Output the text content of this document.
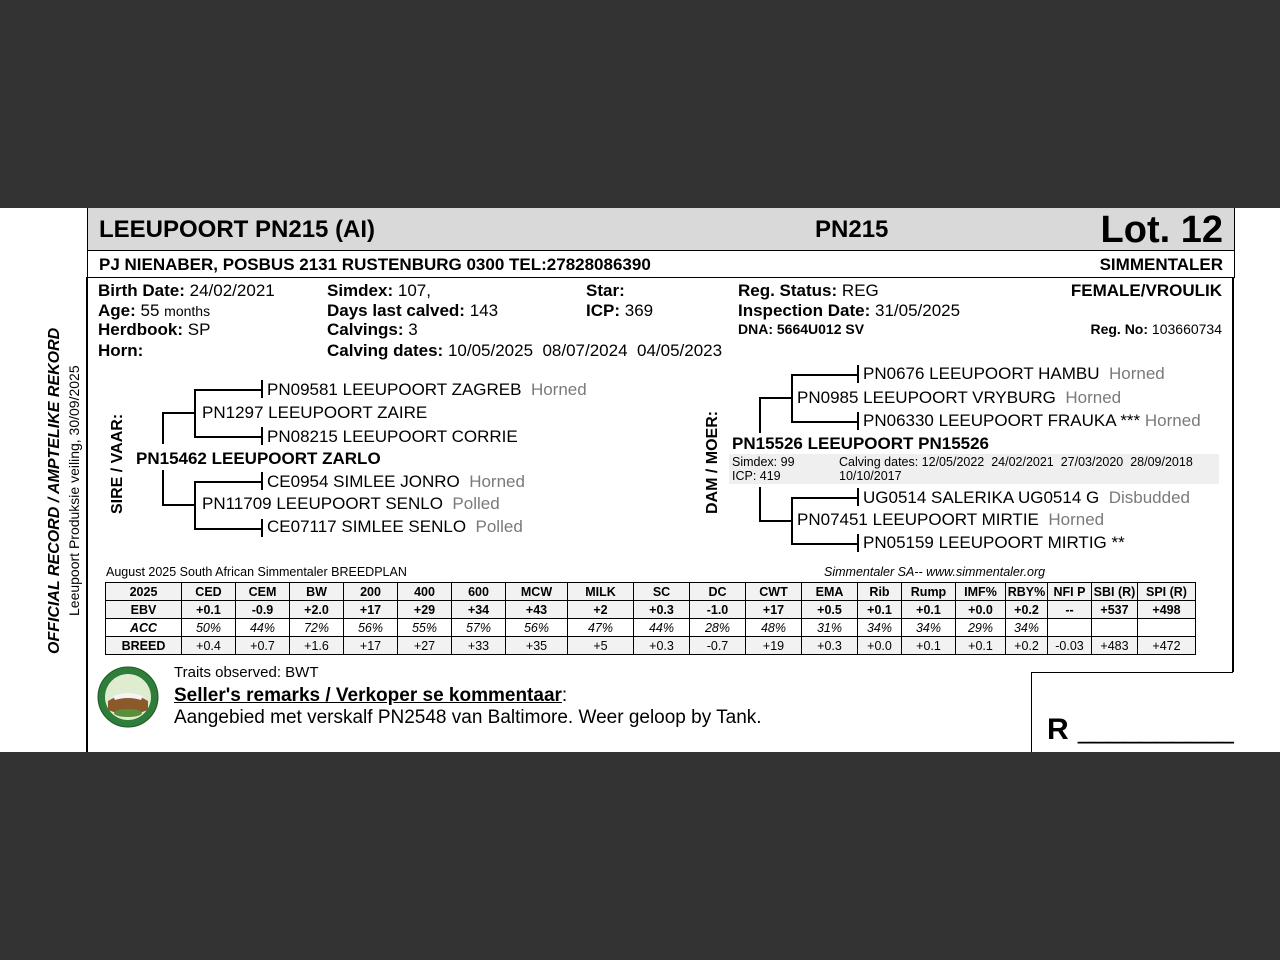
LEEUPOORT PN215 (AI)	PN215	Lot. 12
PJ NIENABER, POSBUS 2131 RUSTENBURG 0300 TEL:27828086390	SIMMENTALER
Birth Date: 24/02/2021
Age: 55 months
Herdbook: SP
Horn:
Simdex: 107,
Days last calved: 143
Calvings: 3
Calving dates: 10/05/2025  08/07/2024  04/05/2023
Star:
ICP: 369
Reg. Status: REG
Inspection Date: 31/05/2025
DNA: 5664U012 SV
FEMALE/VROULIK
Reg. No: 103660734
OFFICIAL RECORD / AMPTELIKE REKORD Leeupoort Produksie veiling, 30/09/2025 SIRE / VAAR:	DAM / MOER:
PN09581 LEEUPOORT ZAGREB Horned
PN1297 LEEUPOORT ZAIRE
PN08215 LEEUPOORT CORRIE
PN15462 LEEUPOORT ZARLO
CE0954 SIMLEE JONRO Horned
PN11709 LEEUPOORT SENLO Polled
CE07117 SIMLEE SENLO Polled
PN0676 LEEUPOORT HAMBU Horned
PN0985 LEEUPOORT VRYBURG Horned
PN06330 LEEUPOORT FRAUKA *** Horned
PN15526 LEEUPOORT PN15526
Simdex: 99
ICP: 419
Calving dates: 12/05/2022  24/02/2021  27/03/2020  28/09/2018
10/10/2017
UG0514 SALERIKA UG0514 G Disbudded
PN07451 LEEUPOORT MIRTIE Horned
PN05159 LEEUPOORT MIRTIG **
August 2025 South African Simmentaler BREEDPLAN	Simmentaler SA-- www.simmentaler.org
2025	CED	CEM	BW	200	400	600	MCW	MILK	SC	DC	CWT	EMA	Rib	Rump	IMF%	RBY%	NFI P	SBI (R)	SPI (R)
EBV	+0.1	-0.9	+2.0	+17	+29	+34	+43	+2	+0.3	-1.0	+17	+0.5	+0.1	+0.1	+0.0	+0.2	--	+537	+498
ACC	50%	44%	72%	56%	55%	57%	56%	47%	44%	28%	48%	31%	34%	34%	29%	34%			
BREED	+0.4	+0.7	+1.6	+17	+27	+33	+35	+5	+0.3	-0.7	+19	+0.3	+0.0	+0.1	+0.1	+0.2	-0.03	+483	+472
Traits observed: BWT
Seller's remarks / Verkoper se kommentaar:
Aangebied met verskalf PN2548 van Baltimore. Weer geloop by Tank.	R __________
